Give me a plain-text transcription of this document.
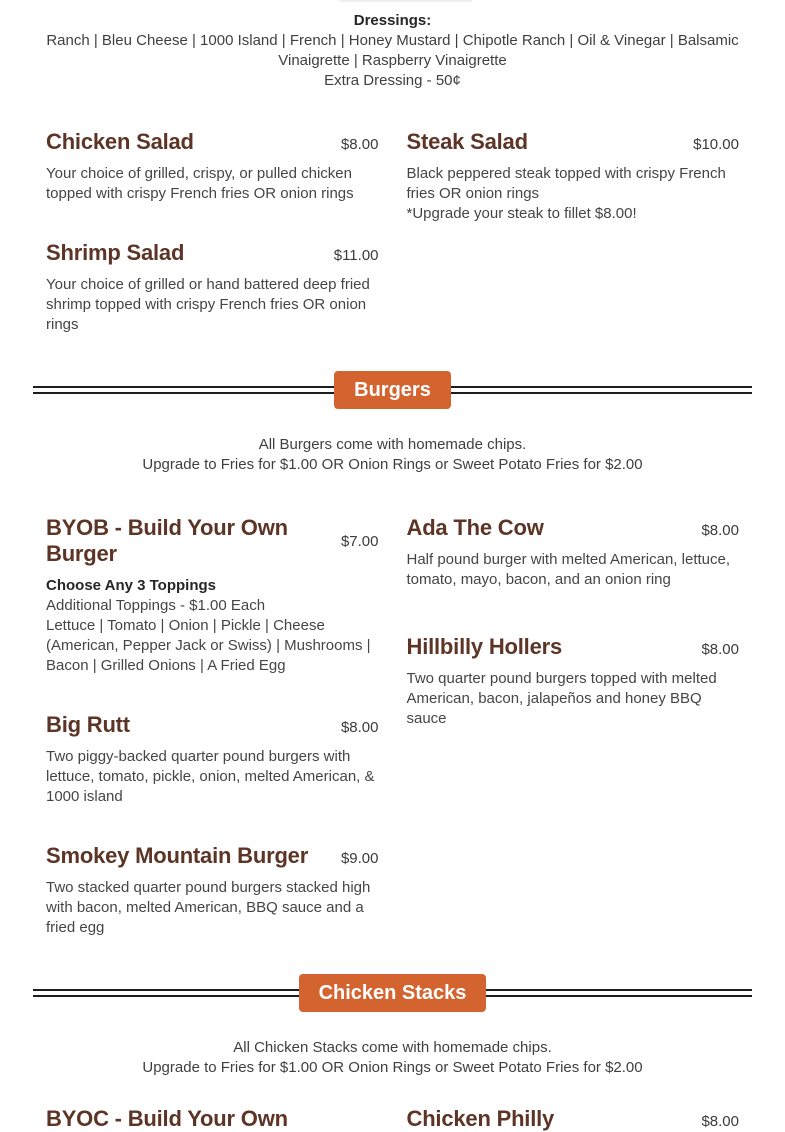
Dressings:
Ranch | Bleu Cheese | 1000 Island | French | Honey Mustard | Chipotle Ranch | Oil & Vinegar | Balsamic Vinaigrette | Raspberry Vinaigrette
Extra Dressing - 50¢
Chicken Salad	$8.00
Your choice of grilled, crispy, or pulled chicken topped with crispy French fries OR onion rings
Shrimp Salad	$11.00
Your choice of grilled or hand battered deep fried shrimp topped with crispy French fries OR onion rings
Steak Salad	$10.00
Black peppered steak topped with crispy French fries OR onion rings
*Upgrade your steak to fillet $8.00!
Burgers
All Burgers come with homemade chips.
Upgrade to Fries for $1.00 OR Onion Rings or Sweet Potato Fries for $2.00
BYOB - Build Your Own Burger	$7.00
Choose Any 3 Toppings
Additional Toppings - $1.00 Each
Lettuce | Tomato | Onion | Pickle | Cheese (American, Pepper Jack or Swiss) | Mushrooms | Bacon | Grilled Onions | A Fried Egg
Big Rutt	$8.00
Two piggy-backed quarter pound burgers with lettuce, tomato, pickle, onion, melted American, & 1000 island
Smokey Mountain Burger	$9.00
Two stacked quarter pound burgers stacked high with bacon, melted American, BBQ sauce and a fried egg
Ada The Cow	$8.00
Half pound burger with melted American, lettuce, tomato, mayo, bacon, and an onion ring
Hillbilly Hollers	$8.00
Two quarter pound burgers topped with melted American, bacon, jalapeños and honey BBQ sauce
Chicken Stacks
All Chicken Stacks come with homemade chips.
Upgrade to Fries for $1.00 OR Onion Rings or Sweet Potato Fries for $2.00
BYOC - Build Your Own	Chicken Philly	$8.00
